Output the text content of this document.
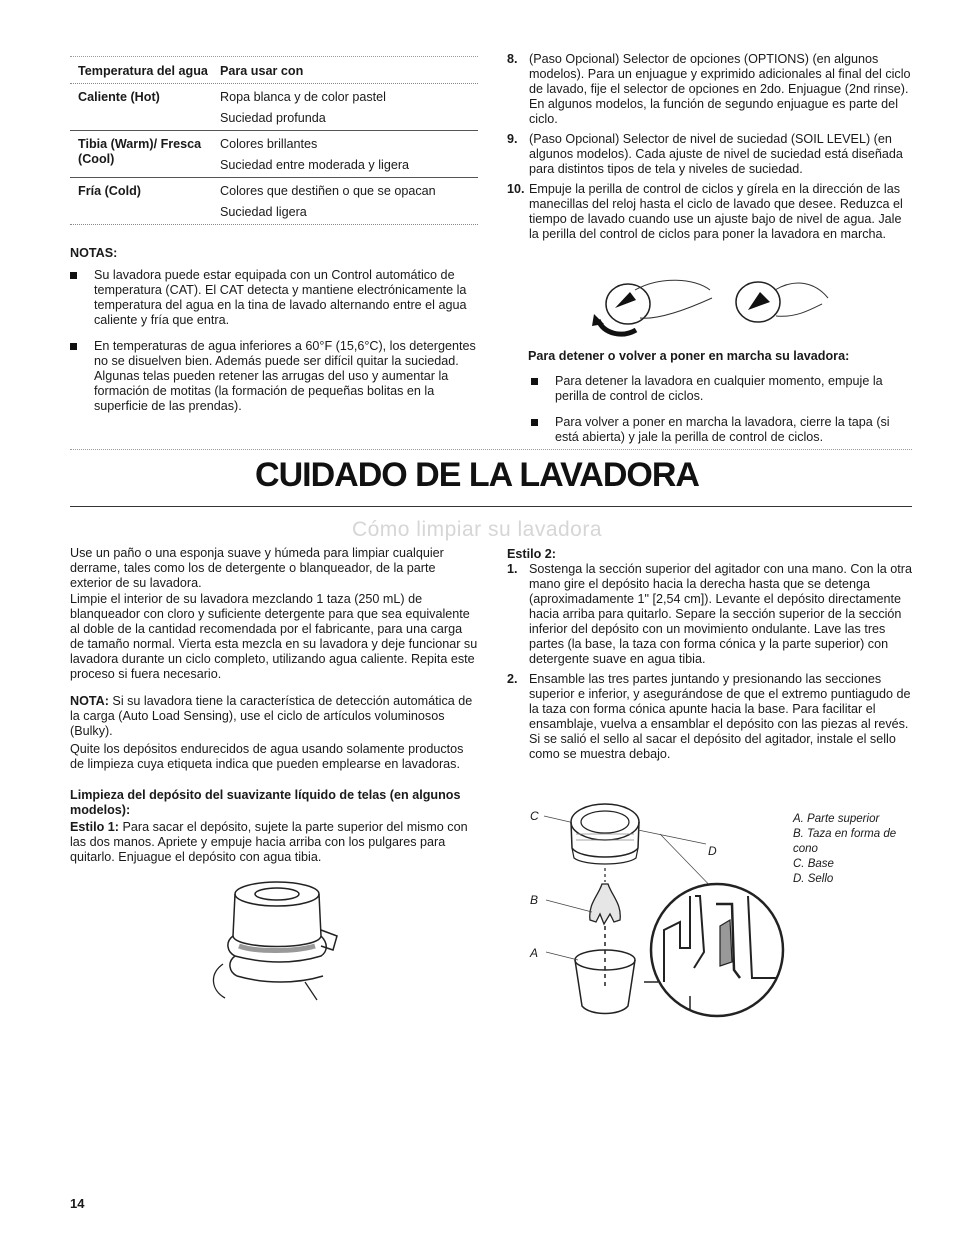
Temperatura del agua Para usar con
Caliente (Hot)	Ropa blanca y de color pastel
Suciedad profunda
Tibia (Warm)/ Fresca (Cool)
Colores brillantes
Suciedad entre moderada y ligera
Fría (Cold)	Colores que destiñen o que se opacan
Suciedad ligera
NOTAS:
Su lavadora puede estar equipada con un Control automático de temperatura (CAT). El CAT detecta y mantiene electrónicamente la temperatura del agua en la tina de lavado alternando entre el agua caliente y fría que entra.
En temperaturas de agua inferiores a 60°F (15,6°C), los detergentes no se disuelven bien. Además puede ser difícil quitar la suciedad. Algunas telas pueden retener las arrugas del uso y aumentar la formación de motitas (la formación de pequeñas bolitas en la superficie de las prendas).
8. (Paso Opcional) Selector de opciones (OPTIONS) (en algunos modelos). Para un enjuague y exprimido adicionales al final del ciclo de lavado, fije el selector de opciones en 2do. Enjuague (2nd rinse). En algunos modelos, la función de segundo enjuague es parte del ciclo.
9. (Paso Opcional) Selector de nivel de suciedad (SOIL LEVEL) (en algunos modelos). Cada ajuste de nivel de suciedad está diseñada para distintos tipos de tela y niveles de suciedad.
10. Empuje la perilla de control de ciclos y gírela en la dirección de las manecillas del reloj hasta el ciclo de lavado que desee. Reduzca el tiempo de lavado cuando use un ajuste bajo de nivel de agua. Jale la perilla del control de ciclos para poner la lavadora en marcha.
Para detener o volver a poner en marcha su lavadora:
Para detener la lavadora en cualquier momento, empuje la perilla de control de ciclos.
Para volver a poner en marcha la lavadora, cierre la tapa (si está abierta) y jale la perilla de control de ciclos.
CUIDADO DE LA LAVADORA
Cómo limpiar su lavadora

Use un paño o una esponja suave y húmeda para limpiar cualquier derrame, tales como los de detergente o blanqueador, de la parte exterior de su lavadora.

Limpie el interior de su lavadora mezclando 1 taza (250 mL) de blanqueador con cloro y suficiente detergente para que sea equivalente al doble de la cantidad recomendada por el fabricante, para una carga de tamaño normal. Vierta esta mezcla en su lavadora y deje funcionar su lavadora durante un ciclo completo, utilizando agua caliente. Repita este proceso si fuera necesario.

NOTA: Si su lavadora tiene la característica de detección automática de la carga (Auto Load Sensing), use el ciclo de artículos voluminosos (Bulky).

Quite los depósitos endurecidos de agua usando solamente productos de limpieza cuya etiqueta indica que pueden emplearse en lavadoras.

Limpieza del depósito del suavizante líquido de telas (en algunos modelos):

Estilo 1: Para sacar el depósito, sujete la parte superior del mismo con las dos manos. Apriete y empuje hacia arriba con los pulgares para quitarlo. Enjuague el depósito con agua tibia.

Estilo 2:
1. Sostenga la sección superior del agitador con una mano. Con la otra mano gire el depósito hacia la derecha hasta que se detenga (aproximadamente 1" [2,54 cm]). Levante el depósito directamente hacia arriba para quitarlo. Separe la sección superior de la sección inferior del depósito con un movimiento ondulante. Lave las tres partes (la base, la taza con forma cónica y la parte superior) con detergente suave en agua tibia.
2. Ensamble las tres partes juntando y presionando las secciones superior e inferior, y asegurándose de que el extremo puntiagudo de la taza con forma cónica apunte hacia la base. Para facilitar el ensamblaje, vuelva a ensamblar el depósito con las piezas al revés. Si se salió el sello al sacar el depósito del agitador, instale el sello como se muestra debajo.
C
D
B
A
A. Parte superior
B. Taza en forma de cono
C. Base
D. Sello
14
